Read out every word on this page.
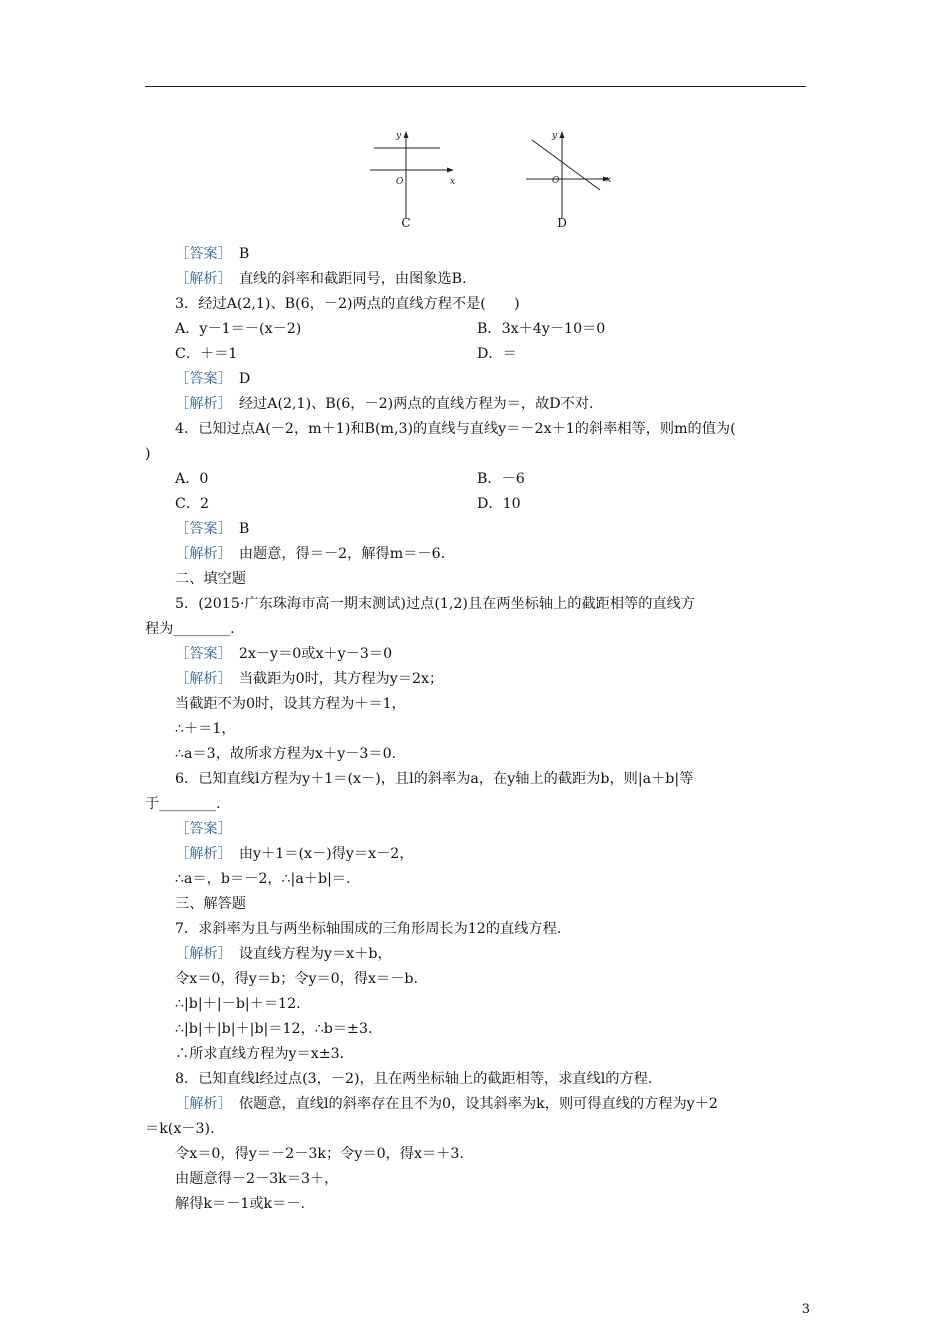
y
x
O
C
y
x
O
D
［答案］　B
［解析］　直线的斜率和截距同号，由图象选B.
3．经过A(2,1)、B(6，－2)两点的直线方程不是(　　)
A．y－1＝－(x－2)	B．3x＋4y－10＝0
C．＋＝1	D．＝
［答案］　D
［解析］　经过A(2,1)、B(6，－2)两点的直线方程为＝，故D不对.
4．已知过点A(－2，m＋1)和B(m,3)的直线与直线y＝－2x＋1的斜率相等，则m的值为(
)
A．0	B．－6
C．2	D．10
［答案］　B
［解析］　由题意，得＝－2，解得m＝－6.
二、填空题
5．(2015·广东珠海市高一期末测试)过点(1,2)且在两坐标轴上的截距相等的直线方
程为________.
［答案］　2x－y＝0或x＋y－3＝0
［解析］　当截距为0时，其方程为y＝2x；
当截距不为0时，设其方程为＋＝1，
∴＋＝1，
∴a＝3，故所求方程为x＋y－3＝0.
6．已知直线l方程为y＋1＝(x－)，且l的斜率为a，在y轴上的截距为b，则|a＋b|等
于________.
［答案］
［解析］　由y＋1＝(x－)得y＝x－2，
∴a＝，b＝－2，∴|a＋b|＝.
三、解答题
7．求斜率为且与两坐标轴围成的三角形周长为12的直线方程.
［解析］　设直线方程为y＝x＋b，
令x＝0，得y＝b；令y＝0，得x＝－b.
∴|b|＋|－b|＋＝12.
∴|b|＋|b|＋|b|＝12，∴b＝±3.
∴所求直线方程为y＝x±3.
8．已知直线l经过点(3，－2)，且在两坐标轴上的截距相等，求直线l的方程.
［解析］　依题意，直线l的斜率存在且不为0，设其斜率为k，则可得直线的方程为y＋2
＝k(x－3).
令x＝0，得y＝－2－3k；令y＝0，得x＝＋3.
由题意得－2－3k＝3＋，
解得k＝－1或k＝－.
3
